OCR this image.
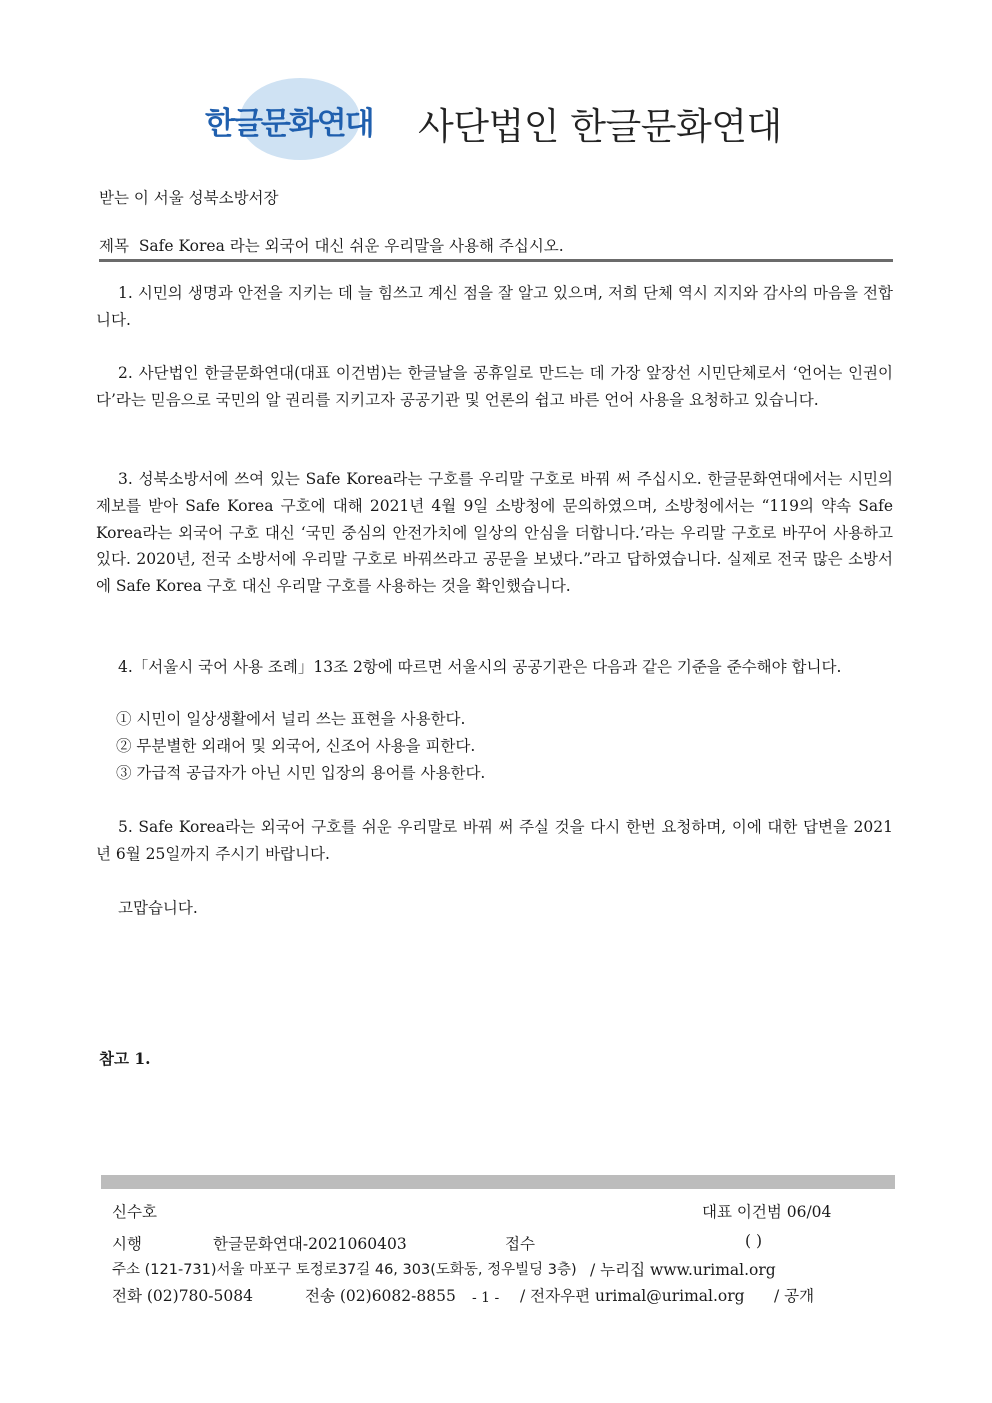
한글문화연대 사단법인 한글문화연대
받는 이 서울 성북소방서장
제목 Safe Korea 라는 외국어 대신 쉬운 우리말을 사용해 주십시오.
1. 시민의 생명과 안전을 지키는 데 늘 힘쓰고 계신 점을 잘 알고 있으며, 저희 단체 역시 지지와 감사의 마음을 전합니다.
2. 사단법인 한글문화연대(대표 이건범)는 한글날을 공휴일로 만드는 데 가장 앞장선 시민단체로서 ‘언어는 인권이다’라는 믿음으로 국민의 알 권리를 지키고자 공공기관 및 언론의 쉽고 바른 언어 사용을 요청하고 있습니다.
3. 성북소방서에 쓰여 있는 Safe Korea라는 구호를 우리말 구호로 바꿔 써 주십시오. 한글문화연대에서는 시민의 제보를 받아 Safe Korea 구호에 대해 2021년 4월 9일 소방청에 문의하였으며, 소방청에서는 “119의 약속 Safe Korea라는 외국어 구호 대신 ‘국민 중심의 안전가치에 일상의 안심을 더합니다.’라는 우리말 구호로 바꾸어 사용하고 있다. 2020년, 전국 소방서에 우리말 구호로 바꿔쓰라고 공문을 보냈다.”라고 답하였습니다. 실제로 전국 많은 소방서에 Safe Korea 구호 대신 우리말 구호를 사용하는 것을 확인했습니다.
4.「서울시 국어 사용 조례」13조 2항에 따르면 서울시의 공공기관은 다음과 같은 기준을 준수해야 합니다.
① 시민이 일상생활에서 널리 쓰는 표현을 사용한다.
② 무분별한 외래어 및 외국어, 신조어 사용을 피한다.
③ 가급적 공급자가 아닌 시민 입장의 용어를 사용한다.
5. Safe Korea라는 외국어 구호를 쉬운 우리말로 바꿔 써 주실 것을 다시 한번 요청하며, 이에 대한 답변을 2021년 6월 25일까지 주시기 바랍니다.
고맙습니다.
참고 1.
신수호	대표 이건범 06/04
시행	한글문화연대-2021060403	접수	( )
주소 (121-731)서울 마포구 토정로37길 46, 303(도화동, 정우빌딩 3층) / 누리집 www.urimal.org
전화 (02)780-5084	전송 (02)6082-8855 - 1 - / 전자우편 urimal@urimal.org / 공개
